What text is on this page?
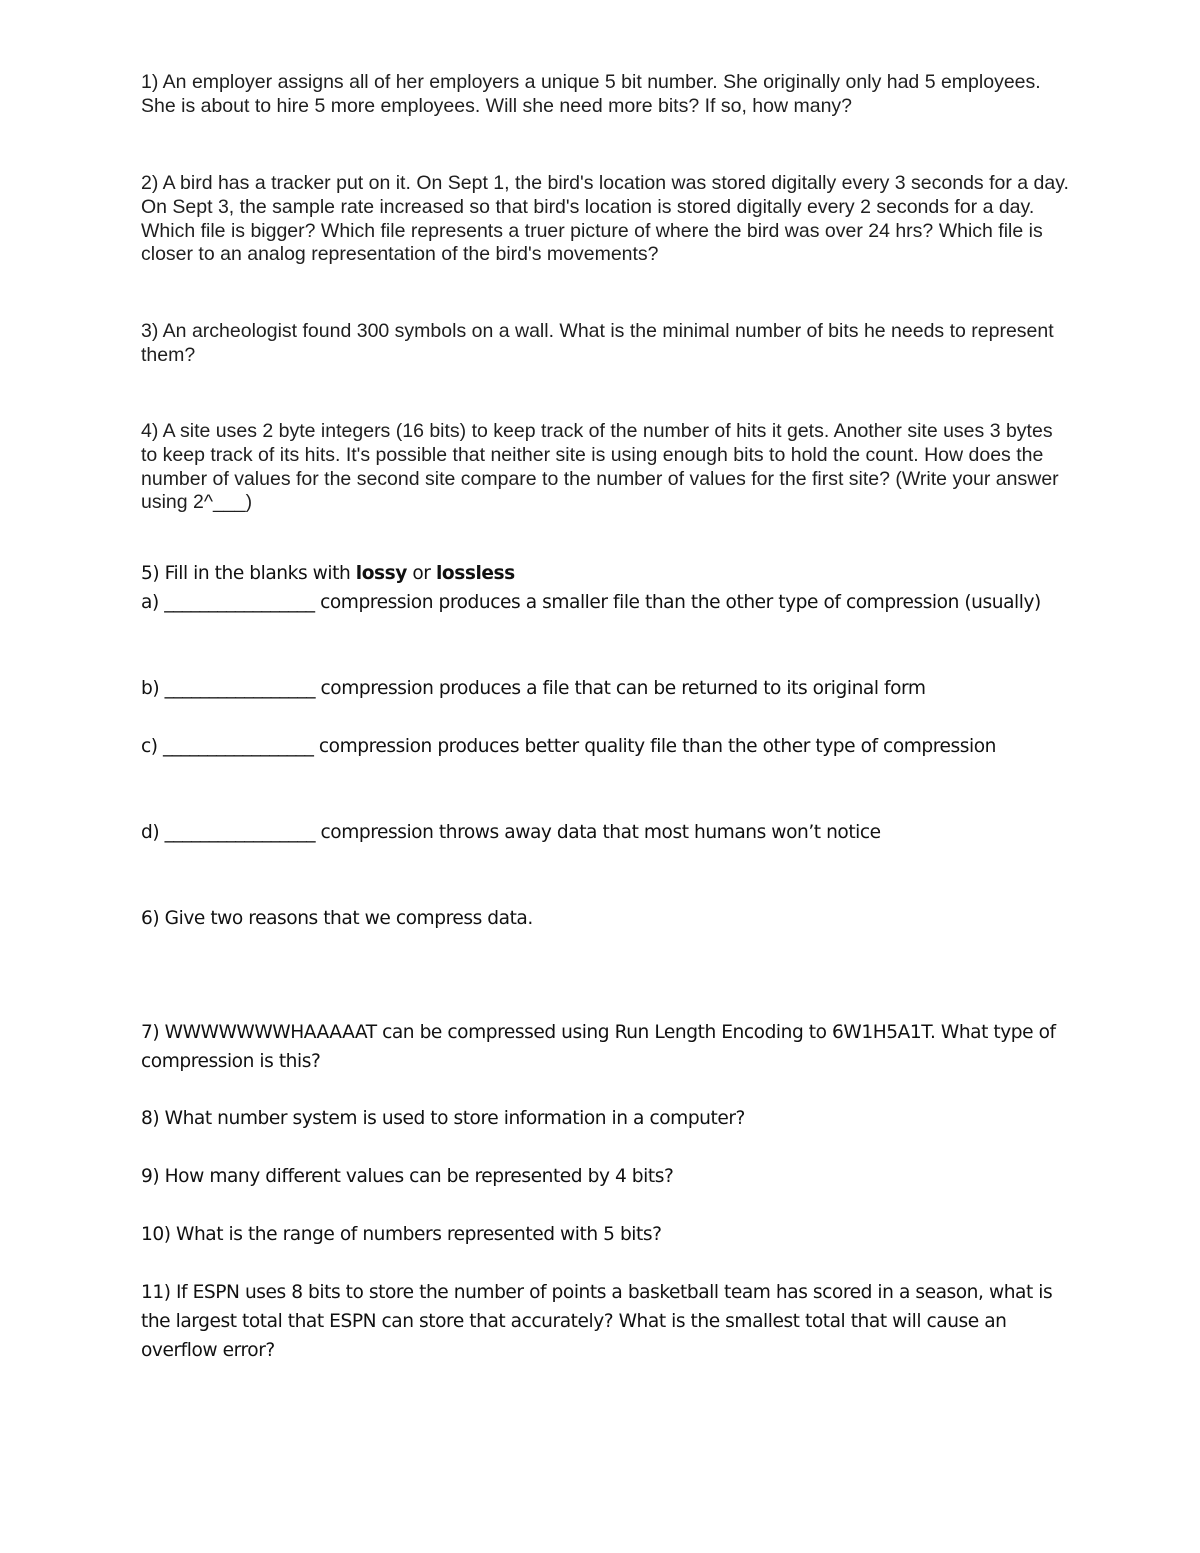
1) An employer assigns all of her employers a unique 5 bit number. She originally only had 5 employees. She is about to hire 5 more employees. Will she need more bits? If so, how many?

2) A bird has a tracker put on it. On Sept 1, the bird's location was stored digitally every 3 seconds for a day. On Sept 3, the sample rate increased so that bird's location is stored digitally every 2 seconds for a day. Which file is bigger? Which file represents a truer picture of where the bird was over 24 hrs? Which file is closer to an analog representation of the bird's movements?

3) An archeologist found 300 symbols on a wall. What is the minimal number of bits he needs to represent them?

4) A site uses 2 byte integers (16 bits) to keep track of the number of hits it gets. Another site uses 3 bytes to keep track of its hits. It's possible that neither site is using enough bits to hold the count. How does the number of values for the second site compare to the number of values for the first site? (Write your answer using 2^___)

5) Fill in the blanks with lossy or lossless

a) _________________ compression produces a smaller file than the other type of compression (usually)

b) _________________ compression produces a file that can be returned to its original form

c) _________________ compression produces better quality file than the other type of compression

d) _________________ compression throws away data that most humans won’t notice

6) Give two reasons that we compress data.

7) WWWWWWWHAAAAAT can be compressed using Run Length Encoding to 6W1H5A1T. What type of compression is this?

8) What number system is used to store information in a computer?

9) How many different values can be represented by 4 bits?

10) What is the range of numbers represented with 5 bits?

11) If ESPN uses 8 bits to store the number of points a basketball team has scored in a season, what is the largest total that ESPN can store that accurately? What is the smallest total that will cause an overflow error?
